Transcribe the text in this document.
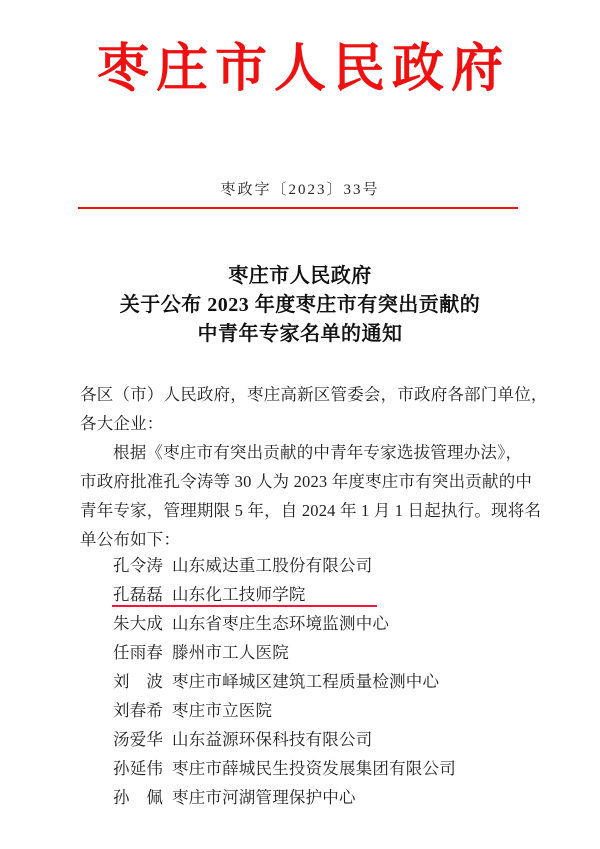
枣庄市人民政府
枣政字〔2023〕33号
枣庄市人民政府
关于公布 2023 年度枣庄市有突出贡献的
中青年专家名单的通知
各区（市）人民政府，枣庄高新区管委会，市政府各部门单位，
各大企业：
根据《枣庄市有突出贡献的中青年专家选拔管理办法》，
市政府批准孔令涛等 30 人为 2023 年度枣庄市有突出贡献的中
青年专家，管理期限 5 年，自 2024 年 1 月 1 日起执行。现将名
单公布如下：
孔令涛 山东威达重工股份有限公司
孔磊磊 山东化工技师学院
朱大成 山东省枣庄生态环境监测中心
任雨春 滕州市工人医院
刘　波 枣庄市峄城区建筑工程质量检测中心
刘春希 枣庄市立医院
汤爱华 山东益源环保科技有限公司
孙延伟 枣庄市薛城民生投资发展集团有限公司
孙　佩 枣庄市河湖管理保护中心
